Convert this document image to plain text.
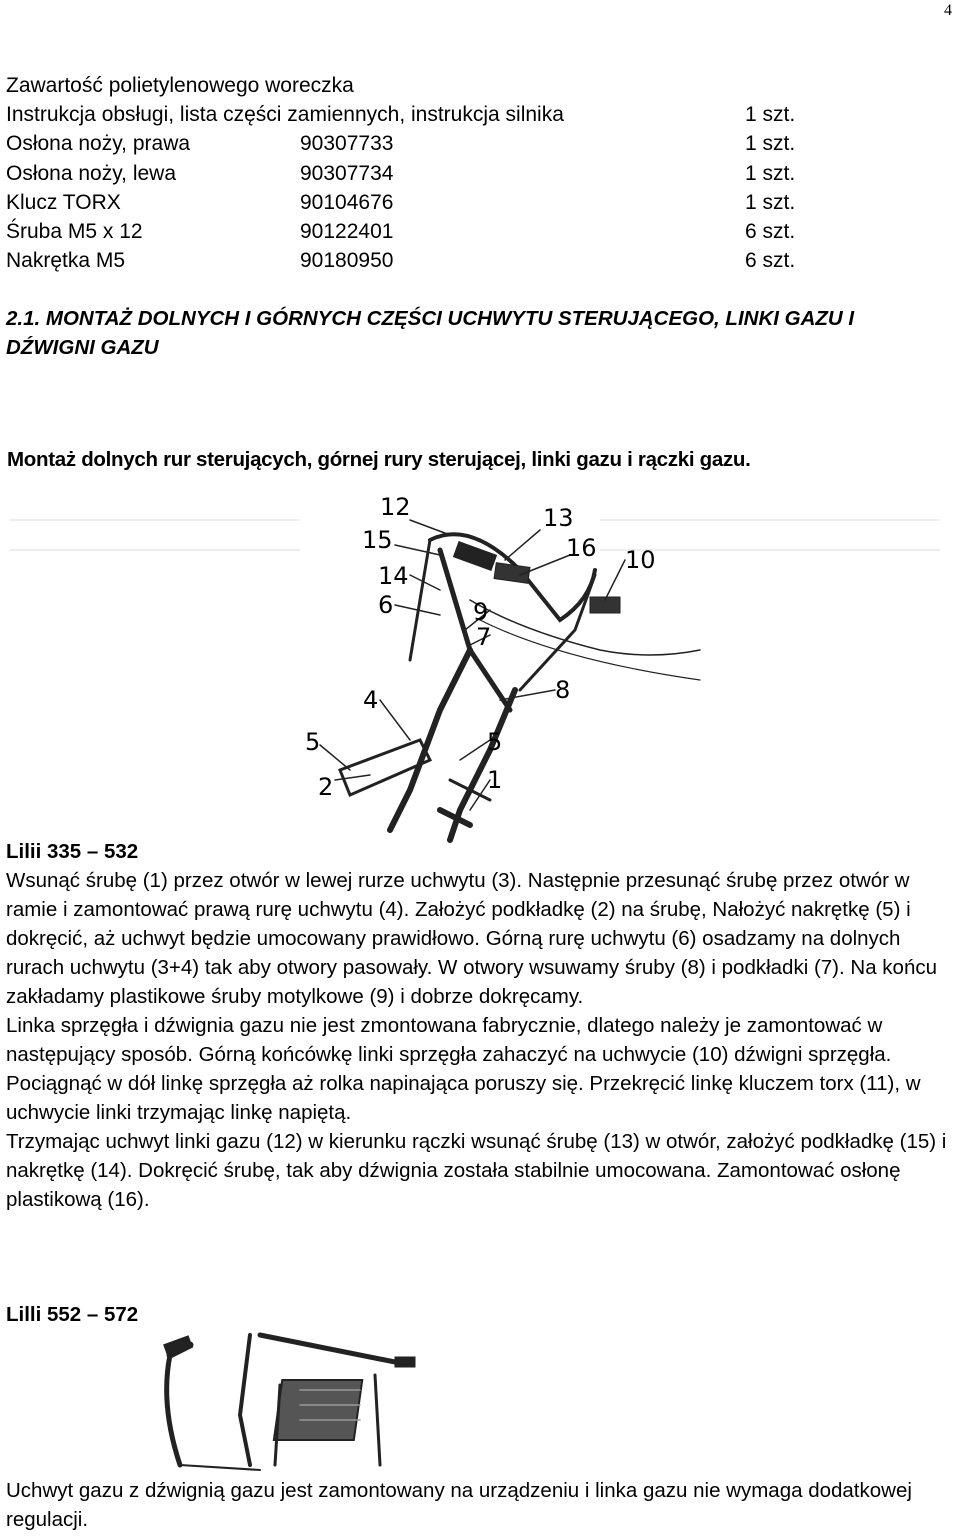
4
Zawartość polietylenowego woreczka
Instrukcja obsługi, lista części zamiennych, instrukcja silnika	1 szt.
Osłona noży, prawa	90307733	1 szt.
Osłona noży, lewa	90307734	1 szt.
Klucz TORX	90104676	1 szt.
Śruba M5 x 12	90122401	6 szt.
Nakrętka M5	90180950	6 szt.
2.1. MONTAŻ DOLNYCH I GÓRNYCH CZĘŚCI UCHWYTU STERUJĄCEGO, LINKI GAZU I DŹWIGNI GAZU
Montaż dolnych rur sterujących, górnej rury sterującej, linki gazu i rączki gazu.
12	13
15	16 10
14
6	9
7
4	8
5	5
2	1

Lilii 335 – 532

Wsunąć śrubę (1) przez otwór w lewej rurze uchwytu (3). Następnie przesunąć śrubę przez otwór w ramie i zamontować prawą rurę uchwytu (4). Założyć podkładkę (2) na śrubę, Nałożyć nakrętkę (5) i dokręcić, aż uchwyt będzie umocowany prawidłowo. Górną rurę uchwytu (6) osadzamy na dolnych rurach uchwytu (3+4) tak aby otwory pasowały. W otwory wsuwamy śruby (8) i podkładki (7). Na końcu zakładamy plastikowe śruby motylkowe (9) i dobrze dokręcamy.

Linka sprzęgła i dźwignia gazu nie jest zmontowana fabrycznie, dlatego należy je zamontować w następujący sposób. Górną końcówkę linki sprzęgła zahaczyć na uchwycie (10) dźwigni sprzęgła. Pociągnąć w dół linkę sprzęgła aż rolka napinająca poruszy się. Przekręcić linkę kluczem torx (11), w uchwycie linki trzymając linkę napiętą.

Trzymając uchwyt linki gazu (12) w kierunku rączki wsunąć śrubę (13) w otwór, założyć podkładkę (15) i nakrętkę (14). Dokręcić śrubę, tak aby dźwignia została stabilnie umocowana. Zamontować osłonę plastikową (16).

Lilli 552 – 572

Uchwyt gazu z dźwignią gazu jest zamontowany na urządzeniu i linka gazu nie wymaga dodatkowej regulacji.
